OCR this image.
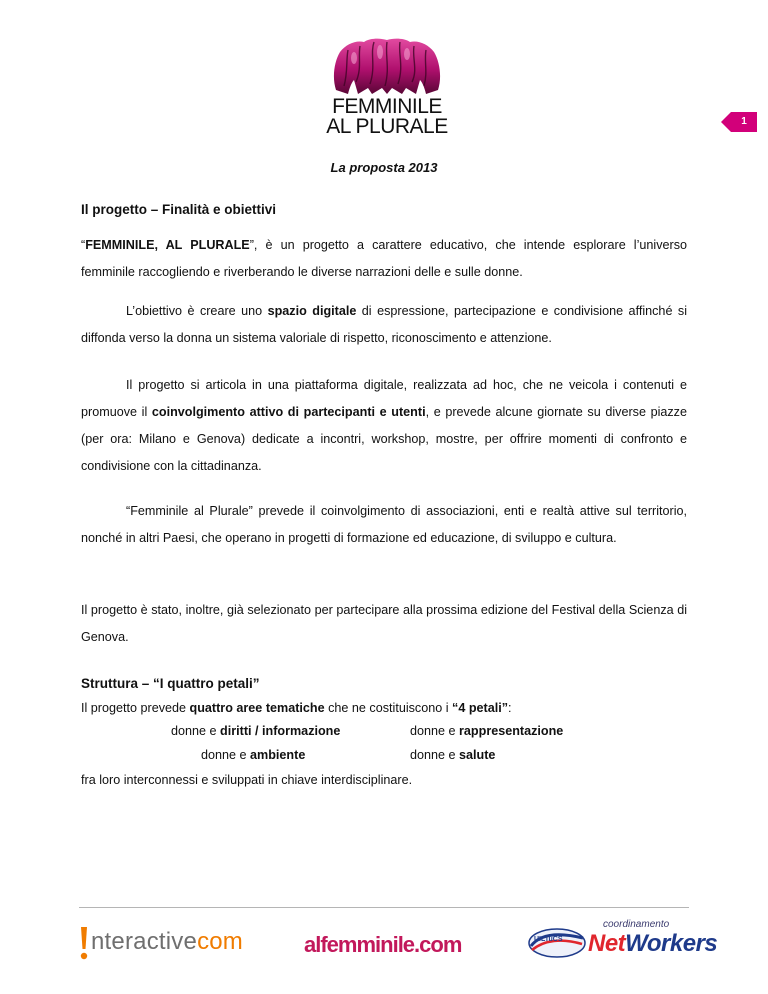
FEMMINILE
AL PLURALE	1
La proposta 2013
Il progetto – Finalità e obiettivi
“FEMMINILE, AL PLURALE”, è un progetto a carattere educativo, che intende esplorare l’universo femminile raccogliendo e riverberando le diverse narrazioni delle e sulle donne.
L’obiettivo è creare uno spazio digitale di espressione, partecipazione e condivisione affinché si diffonda verso la donna un sistema valoriale di rispetto, riconoscimento e attenzione.
Il progetto si articola in una piattaforma digitale, realizzata ad hoc, che ne veicola i contenuti e promuove il coinvolgimento attivo di partecipanti e utenti, e prevede alcune giornate su diverse piazze (per ora: Milano e Genova) dedicate a incontri, workshop, mostre, per offrire momenti di confronto e condivisione con la cittadinanza.
“Femminile al Plurale” prevede il coinvolgimento di associazioni, enti e realtà attive sul territorio, nonché in altri Paesi, che operano in progetti di formazione ed educazione, di sviluppo e cultura.
Il progetto è stato, inoltre, già selezionato per partecipare alla prossima edizione del Festival della Scienza di Genova.
Struttura – “I quattro petali”
Il progetto prevede quattro aree tematiche che ne costituiscono i “4 petali”:
donne e diritti / informazione	donne e rappresentazione
donne e ambiente	donne e salute
fra loro interconnessi e sviluppati in chiave interdisciplinare.
nteractivecom	alfemminile.com	UILTuCS
coordinamento
NetWorkers
